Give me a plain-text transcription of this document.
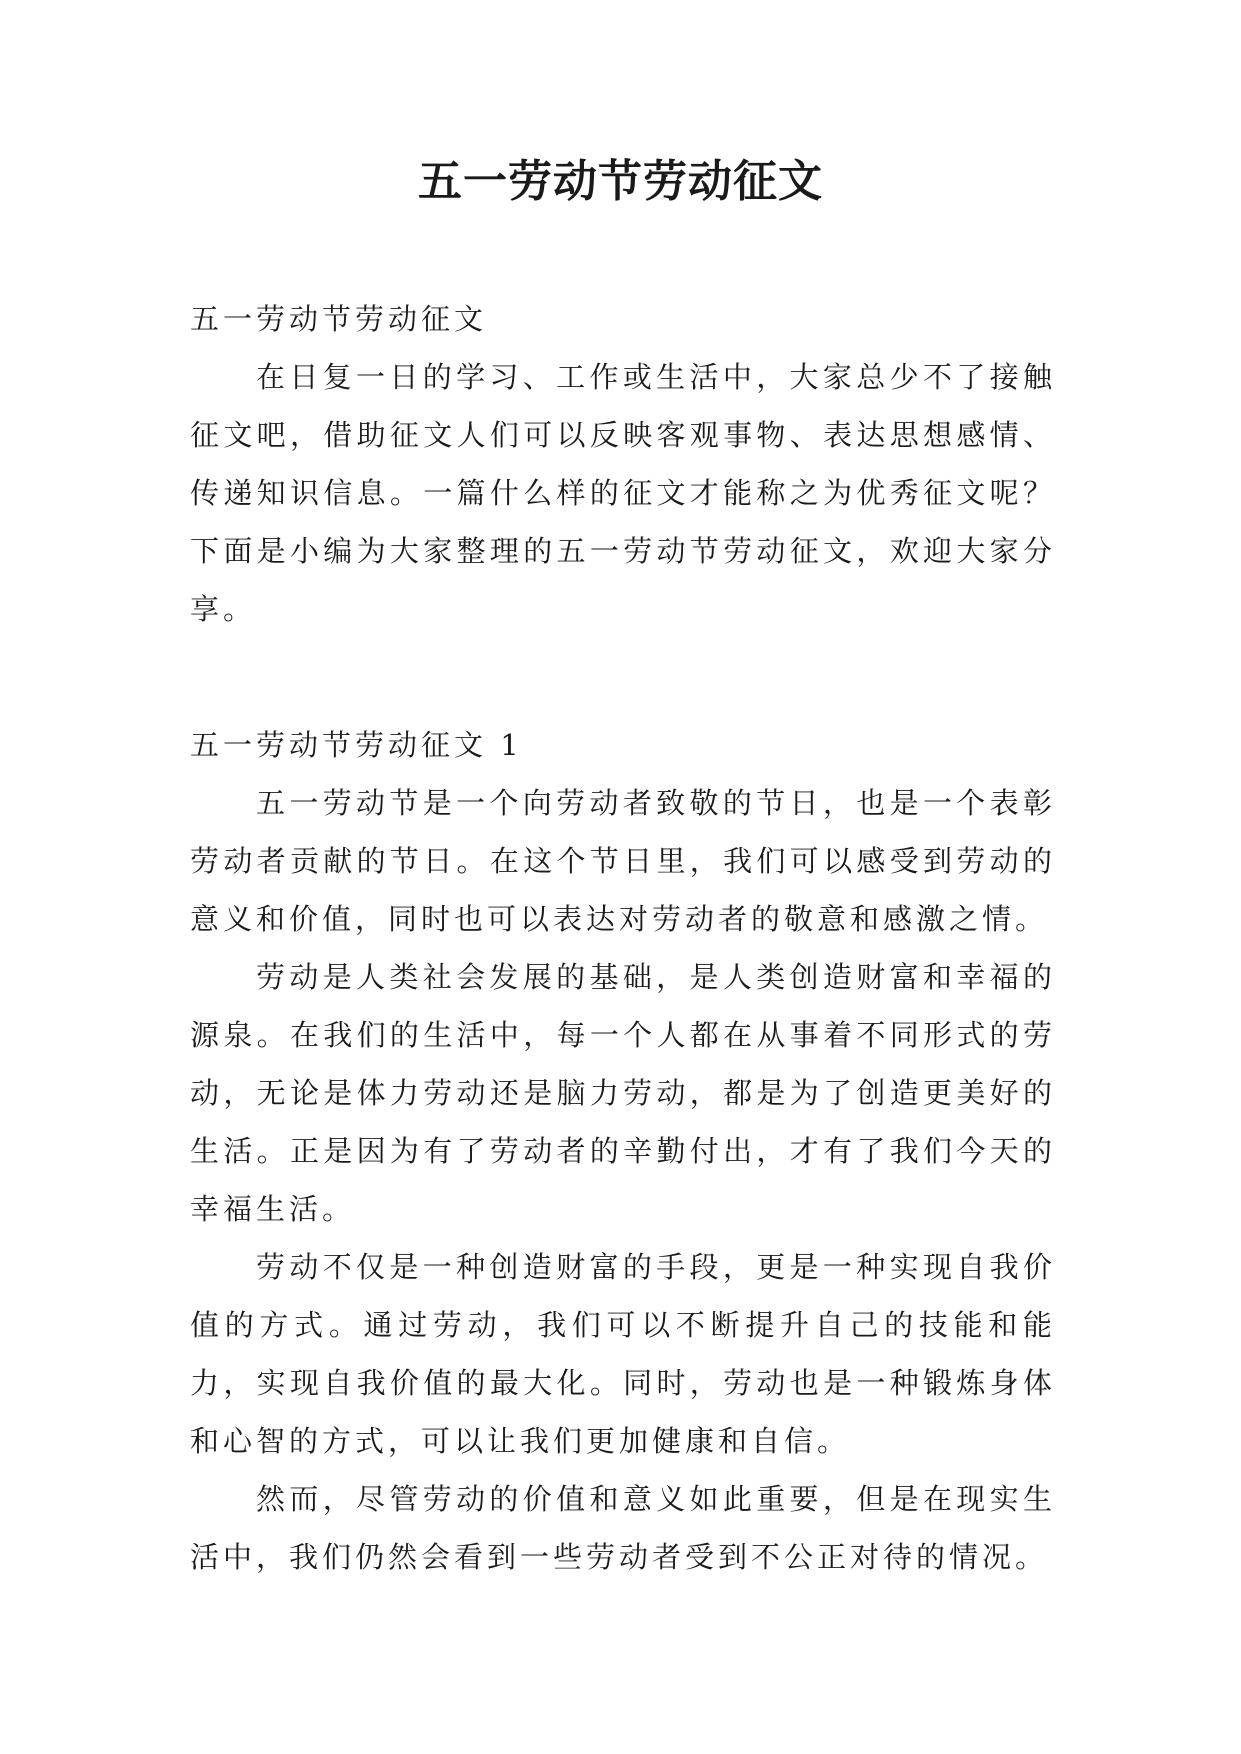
五一劳动节劳动征文

五一劳动节劳动征文

在日复一日的学习、工作或生活中，大家总少不了接触征文吧，借助征文人们可以反映客观事物、表达思想感情、传递知识信息。一篇什么样的征文才能称之为优秀征文呢？下面是小编为大家整理的五一劳动节劳动征文，欢迎大家分享。

五一劳动节劳动征文 1

五一劳动节是一个向劳动者致敬的节日，也是一个表彰劳动者贡献的节日。在这个节日里，我们可以感受到劳动的意义和价值，同时也可以表达对劳动者的敬意和感激之情。

劳动是人类社会发展的基础，是人类创造财富和幸福的源泉。在我们的生活中，每一个人都在从事着不同形式的劳动，无论是体力劳动还是脑力劳动，都是为了创造更美好的生活。正是因为有了劳动者的辛勤付出，才有了我们今天的幸福生活。

劳动不仅是一种创造财富的手段，更是一种实现自我价值的方式。通过劳动，我们可以不断提升自己的技能和能力，实现自我价值的最大化。同时，劳动也是一种锻炼身体和心智的方式，可以让我们更加健康和自信。

然而，尽管劳动的价值和意义如此重要，但是在现实生活中，我们仍然会看到一些劳动者受到不公正对待的情况。
